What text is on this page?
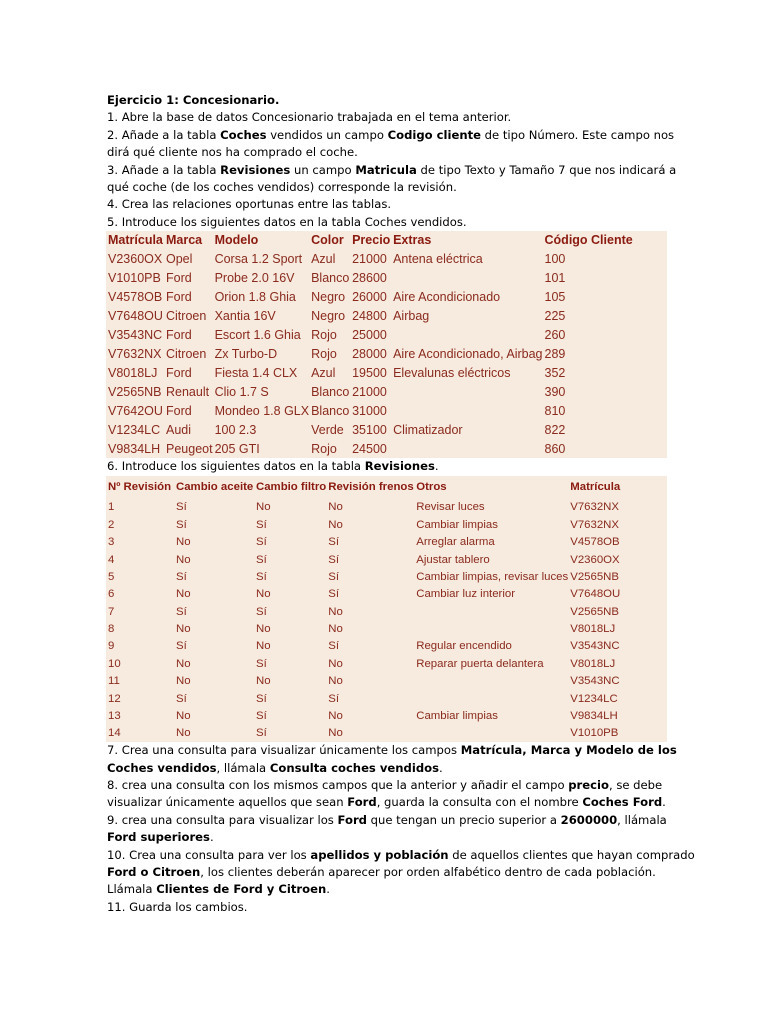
Ejercicio 1: Concesionario.

1. Abre la base de datos Concesionario trabajada en el tema anterior.

2. Añade a la tabla Coches vendidos un campo Codigo cliente de tipo Número. Este campo nos

dirá qué cliente nos ha comprado el coche.

3. Añade a la tabla Revisiones un campo Matricula de tipo Texto y Tamaño 7 que nos indicará a

qué coche (de los coches vendidos) corresponde la revisión.

4. Crea las relaciones oportunas entre las tablas.

5. Introduce los siguientes datos en la tabla Coches vendidos.

Matrícula	Marca	Modelo	Color	Precio	Extras	Código Cliente
V2360OX	Opel	Corsa 1.2 Sport	Azul	21000	Antena eléctrica	100
V1010PB	Ford	Probe 2.0 16V	Blanco	28600		101
V4578OB	Ford	Orion 1.8 Ghia	Negro	26000	Aire Acondicionado	105
V7648OU	Citroen	Xantia 16V	Negro	24800	Airbag	225
V3543NC	Ford	Escort 1.6 Ghia	Rojo	25000		260
V7632NX	Citroen	Zx Turbo-D	Rojo	28000	Aire Acondicionado, Airbag	289
V8018LJ	Ford	Fiesta 1.4 CLX	Azul	19500	Elevalunas eléctricos	352
V2565NB	Renault	Clio 1.7 S	Blanco	21000		390
V7642OU	Ford	Mondeo 1.8 GLX	Blanco	31000		810
V1234LC	Audi	100 2.3	Verde	35100	Climatizador	822
V9834LH	Peugeot	205 GTI	Rojo	24500		860

6. Introduce los siguientes datos en la tabla Revisiones.

Nº Revisión	Cambio aceite	Cambio filtro	Revisión frenos	Otros	Matrícula
1	Sí	No	No	Revisar luces	V7632NX
2	Sí	Sí	No	Cambiar limpias	V7632NX
3	No	Sí	Sí	Arreglar alarma	V4578OB
4	No	Sí	Sí	Ajustar tablero	V2360OX
5	Sí	Sí	Sí	Cambiar limpias, revisar luces	V2565NB
6	No	No	Sí	Cambiar luz interior	V7648OU
7	Sí	Sí	No		V2565NB
8	No	No	No		V8018LJ
9	Sí	No	Sí	Regular encendido	V3543NC
10	No	Sí	No	Reparar puerta delantera	V8018LJ
11	No	No	No		V3543NC
12	Sí	Sí	Sí		V1234LC
13	No	Sí	No	Cambiar limpias	V9834LH
14	No	Sí	No		V1010PB

7. Crea una consulta para visualizar únicamente los campos Matrícula, Marca y Modelo de los

Coches vendidos, llámala Consulta coches vendidos.

8. crea una consulta con los mismos campos que la anterior y añadir el campo precio, se debe

visualizar únicamente aquellos que sean Ford, guarda la consulta con el nombre Coches Ford.

9. crea una consulta para visualizar los Ford que tengan un precio superior a 2600000, llámala

Ford superiores.

10. Crea una consulta para ver los apellidos y población de aquellos clientes que hayan comprado

Ford o Citroen, los clientes deberán aparecer por orden alfabético dentro de cada población.

Llámala Clientes de Ford y Citroen.

11. Guarda los cambios.
